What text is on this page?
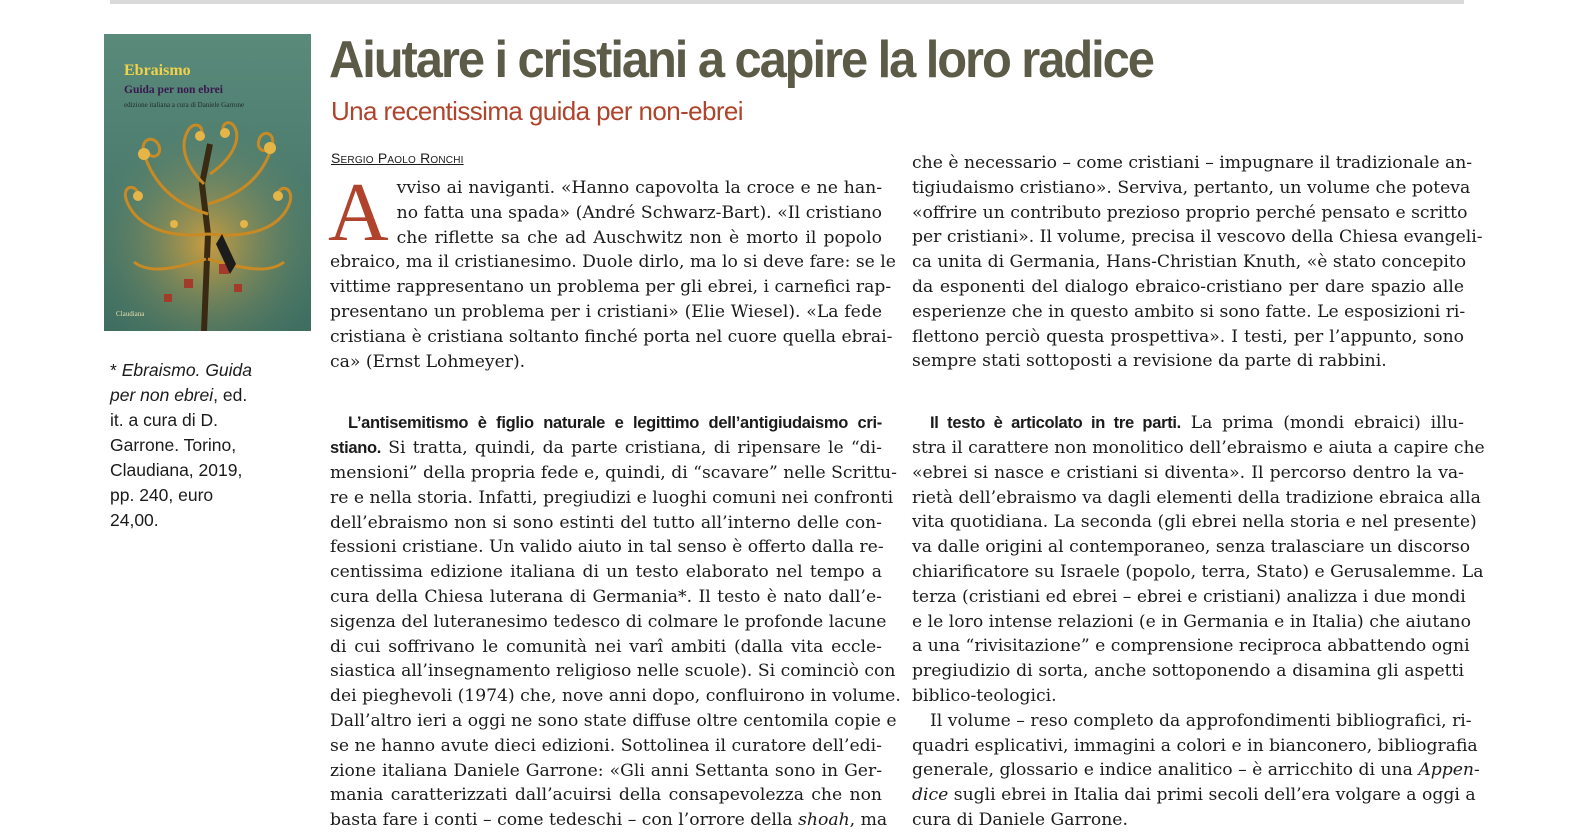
Ebraismo
Guida per non ebrei
edizione italiana a cura di Daniele Garrone
Claudiana
* Ebraismo. Guida per non ebrei, ed. it. a cura di D. Garrone. Torino, Claudiana, 2019, pp. 240, euro 24,00.
Aiutare i cristiani a capire la loro radice
Una recentissima guida per non-ebrei
Sergio Paolo Ronchi
A vviso ai naviganti. «Hanno capovolta la croce e ne han-
no fatta una spada» (André Schwarz-Bart). «Il cristiano
che riflette sa che ad Auschwitz non è morto il popolo
ebraico, ma il cristianesimo. Duole dirlo, ma lo si deve fare: se le
vittime rappresentano un problema per gli ebrei, i carnefici rap-
presentano un problema per i cristiani» (Elie Wiesel). «La fede
cristiana è cristiana soltanto finché porta nel cuore quella ebrai-
ca» (Ernst Lohmeyer).
L’antisemitismo è figlio naturale e legittimo dell’antigiudaismo cri-
stiano. Si tratta, quindi, da parte cristiana, di ripensare le “di-
mensioni” della propria fede e, quindi, di “scavare” nelle Scrittu-
re e nella storia. Infatti, pregiudizi e luoghi comuni nei confronti
dell’ebraismo non si sono estinti del tutto all’interno delle con-
fessioni cristiane. Un valido aiuto in tal senso è offerto dalla re-
centissima edizione italiana di un testo elaborato nel tempo a
cura della Chiesa luterana di Germania*. Il testo è nato dall’e-
sigenza del luteranesimo tedesco di colmare le profonde lacune
di cui soffrivano le comunità nei varî ambiti (dalla vita eccle-
siastica all’insegnamento religioso nelle scuole). Si cominciò con
dei pieghevoli (1974) che, nove anni dopo, confluirono in volume.
Dall’altro ieri a oggi ne sono state diffuse oltre centomila copie e
se ne hanno avute dieci edizioni. Sottolinea il curatore dell’edi-
zione italiana Daniele Garrone: «Gli anni Settanta sono in Ger-
mania caratterizzati dall’acuirsi della consapevolezza che non
basta fare i conti – come tedeschi – con l’orrore della shoah, ma
che è necessario – come cristiani – impugnare il tradizionale an-
tigiudaismo cristiano». Serviva, pertanto, un volume che poteva
«offrire un contributo prezioso proprio perché pensato e scritto
per cristiani». Il volume, precisa il vescovo della Chiesa evangeli-
ca unita di Germania, Hans-Christian Knuth, «è stato concepito
da esponenti del dialogo ebraico-cristiano per dare spazio alle
esperienze che in questo ambito si sono fatte. Le esposizioni ri-
flettono perciò questa prospettiva». I testi, per l’appunto, sono
sempre stati sottoposti a revisione da parte di rabbini.
Il testo è articolato in tre parti. La prima (mondi ebraici) illu-
stra il carattere non monolitico dell’ebraismo e aiuta a capire che
«ebrei si nasce e cristiani si diventa». Il percorso dentro la va-
rietà dell’ebraismo va dagli elementi della tradizione ebraica alla
vita quotidiana. La seconda (gli ebrei nella storia e nel presente)
va dalle origini al contemporaneo, senza tralasciare un discorso
chiarificatore su Israele (popolo, terra, Stato) e Gerusalemme. La
terza (cristiani ed ebrei – ebrei e cristiani) analizza i due mondi
e le loro intense relazioni (e in Germania e in Italia) che aiutano
a una “rivisitazione” e comprensione reciproca abbattendo ogni
pregiudizio di sorta, anche sottoponendo a disamina gli aspetti
biblico-teologici.
Il volume – reso completo da approfondimenti bibliografici, ri-
quadri esplicativi, immagini a colori e in bianconero, bibliografia
generale, glossario e indice analitico – è arricchito di una Appen-
dice sugli ebrei in Italia dai primi secoli dell’era volgare a oggi a
cura di Daniele Garrone.
